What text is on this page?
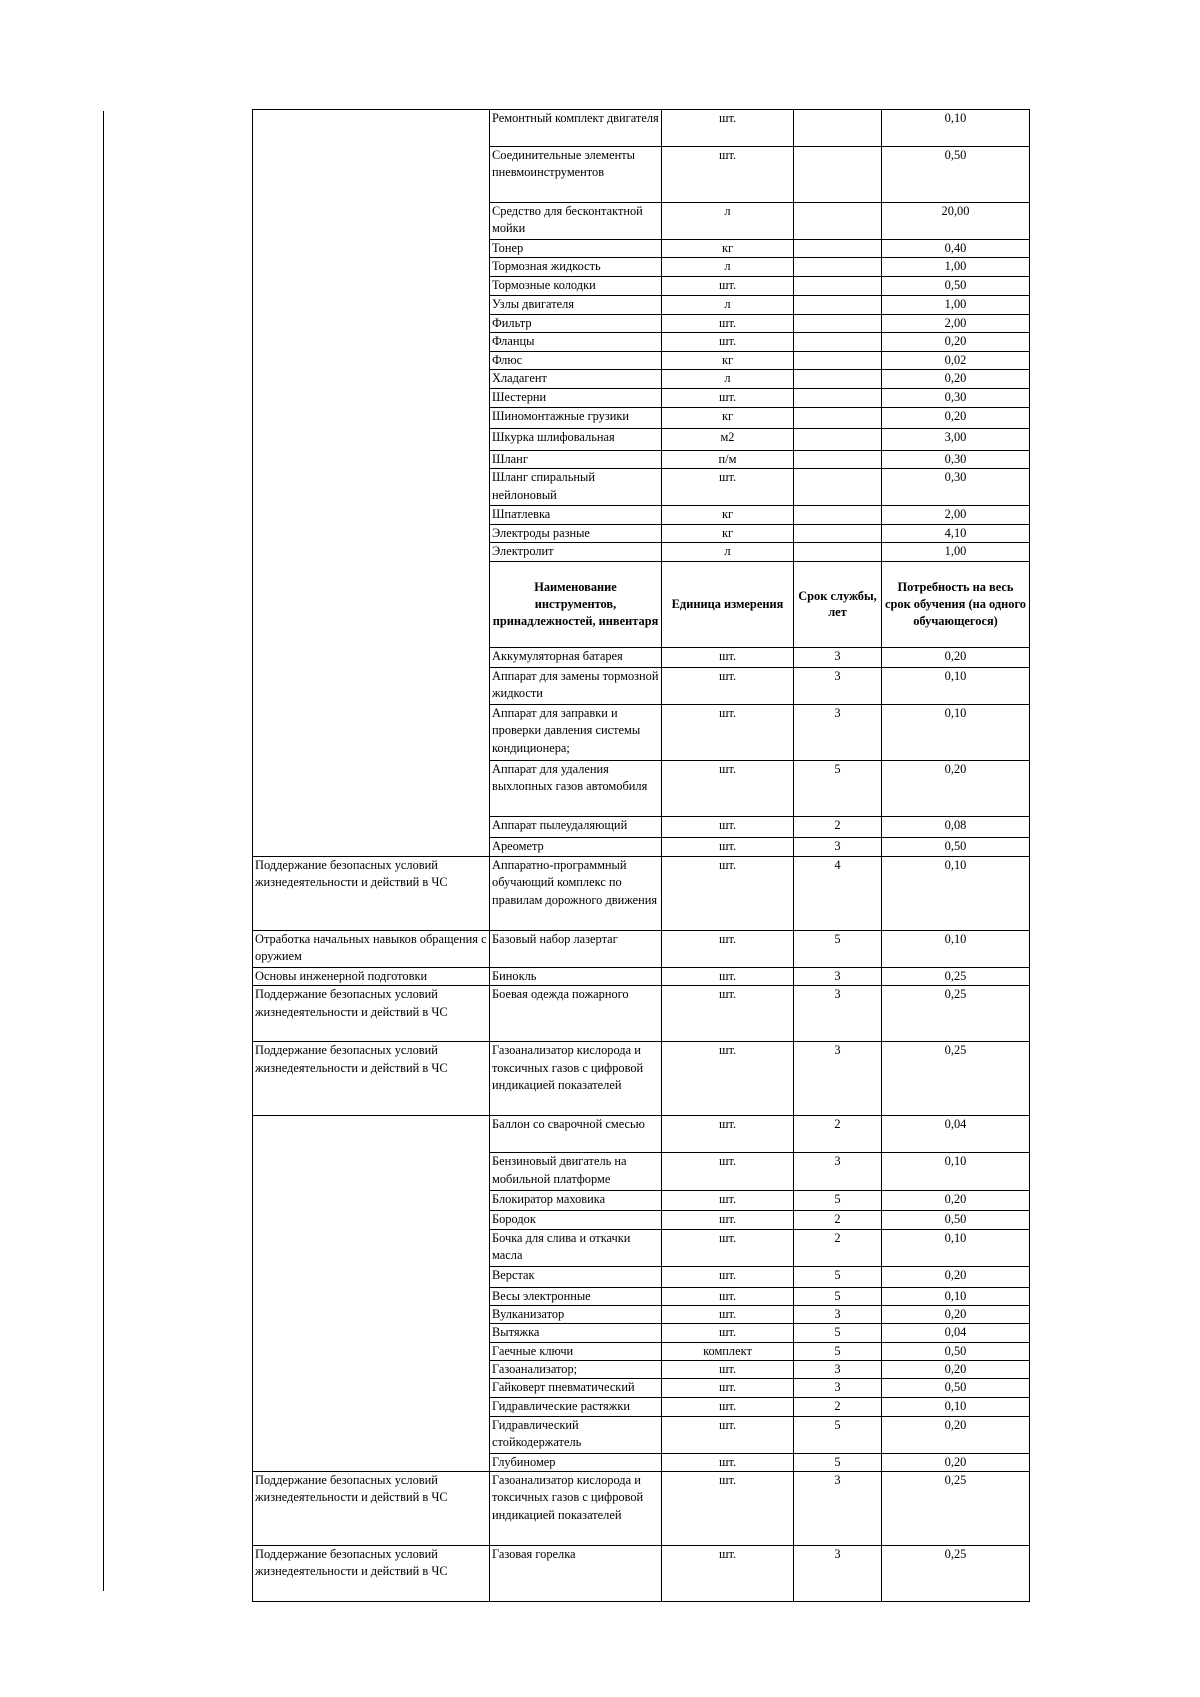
	Ремонтный комплект двигателя	шт.		0,10
	Соединительные элементы пневмоинструментов	шт.		0,50
	Средство для бесконтактной мойки	л		20,00
	Тонер	кг		0,40
	Тормозная жидкость	л		1,00
	Тормозные колодки	шт.		0,50
	Узлы двигателя	л		1,00
	Фильтр	шт.		2,00
	Фланцы	шт.		0,20
	Флюс	кг		0,02
	Хладагент	л		0,20
	Шестерни	шт.		0,30
	Шиномонтажные грузики	кг		0,20
	Шкурка шлифовальная	м2		3,00
	Шланг	п/м		0,30
	Шланг спиральный нейлоновый	шт.		0,30
	Шпатлевка	кг		2,00
	Электроды разные	кг		4,10
	Электролит	л		1,00
	Наименование инструментов, принадлежностей, инвентаря	Единица измерения	Срок службы, лет	Потребность на весь срок обучения (на одного обучающегося)
	Аккумуляторная батарея	шт.	3	0,20
	Аппарат для замены тормозной жидкости	шт.	3	0,10
	Аппарат для заправки и проверки давления системы кондиционера;	шт.	3	0,10
	Аппарат для удаления выхлопных газов автомобиля	шт.	5	0,20
	Аппарат пылеудаляющий	шт.	2	0,08
	Ареометр	шт.	3	0,50
Поддержание безопасных условий жизнедеятельности и действий в ЧС	Аппаратно-программный обучающий комплекс по правилам дорожного движения	шт.	4	0,10
Отработка начальных навыков обращения с оружием	Базовый набор лазертаг	шт.	5	0,10
Основы инженерной подготовки	Бинокль	шт.	3	0,25
Поддержание безопасных условий жизнедеятельности и действий в ЧС	Боевая одежда пожарного	шт.	3	0,25
Поддержание безопасных условий жизнедеятельности и действий в ЧС	Газоанализатор кислорода и токсичных газов с цифровой индикацией показателей	шт.	3	0,25
	Баллон со сварочной смесью	шт.	2	0,04
	Бензиновый двигатель на мобильной платформе	шт.	3	0,10
	Блокиратор маховика	шт.	5	0,20
	Бородок	шт.	2	0,50
	Бочка для слива и откачки масла	шт.	2	0,10
	Верстак	шт.	5	0,20
	Весы электронные	шт.	5	0,10
	Вулканизатор	шт.	3	0,20
	Вытяжка	шт.	5	0,04
	Гаечные ключи	комплект	5	0,50
	Газоанализатор;	шт.	3	0,20
	Гайковерт пневматический	шт.	3	0,50
	Гидравлические растяжки	шт.	2	0,10
	Гидравлический стойкодержатель	шт.	5	0,20
	Глубиномер	шт.	5	0,20
Поддержание безопасных условий жизнедеятельности и действий в ЧС	Газоанализатор кислорода и токсичных газов с цифровой индикацией показателей	шт.	3	0,25
Поддержание безопасных условий жизнедеятельности и действий в ЧС	Газовая горелка	шт.	3	0,25
